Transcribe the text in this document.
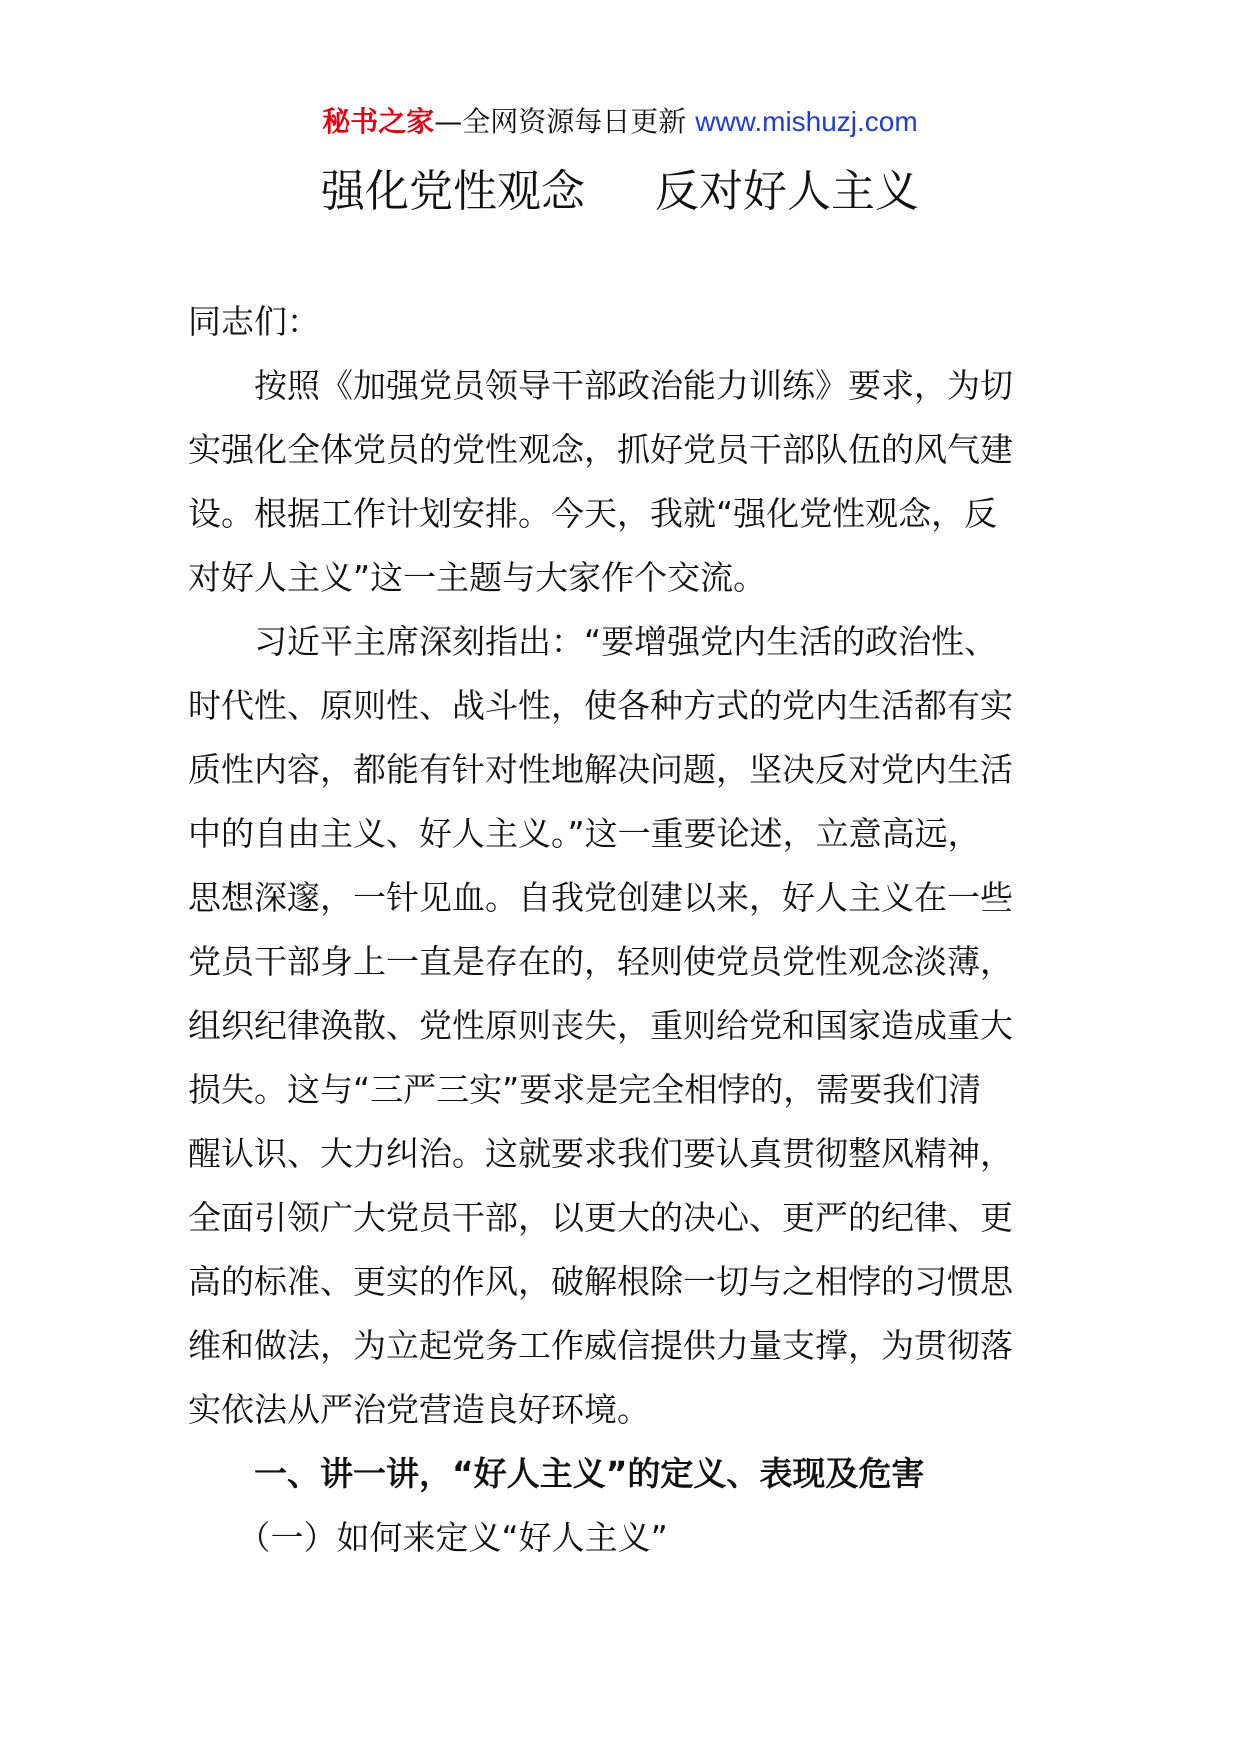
秘书之家—全网资源每日更新 www.mishuzj.com
强化党性观念 反对好人主义
同志们：
　　按照《加强党员领导干部政治能力训练》要求，为切
实强化全体党员的党性观念，抓好党员干部队伍的风气建
设。根据工作计划安排。今天，我就“强化党性观念，反
对好人主义”这一主题与大家作个交流。
　　习近平主席深刻指出：“要增强党内生活的政治性、
时代性、原则性、战斗性，使各种方式的党内生活都有实
质性内容，都能有针对性地解决问题，坚决反对党内生活
中的自由主义、好人主义。”这一重要论述，立意高远，
思想深邃，一针见血。自我党创建以来，好人主义在一些
党员干部身上一直是存在的，轻则使党员党性观念淡薄，
组织纪律涣散、党性原则丧失，重则给党和国家造成重大
损失。这与“三严三实”要求是完全相悖的，需要我们清
醒认识、大力纠治。这就要求我们要认真贯彻整风精神，
全面引领广大党员干部，以更大的决心、更严的纪律、更
高的标准、更实的作风，破解根除一切与之相悖的习惯思
维和做法，为立起党务工作威信提供力量支撑，为贯彻落
实依法从严治党营造良好环境。
　　一、讲一讲，“好人主义”的定义、表现及危害
　　（一）如何来定义“好人主义”
